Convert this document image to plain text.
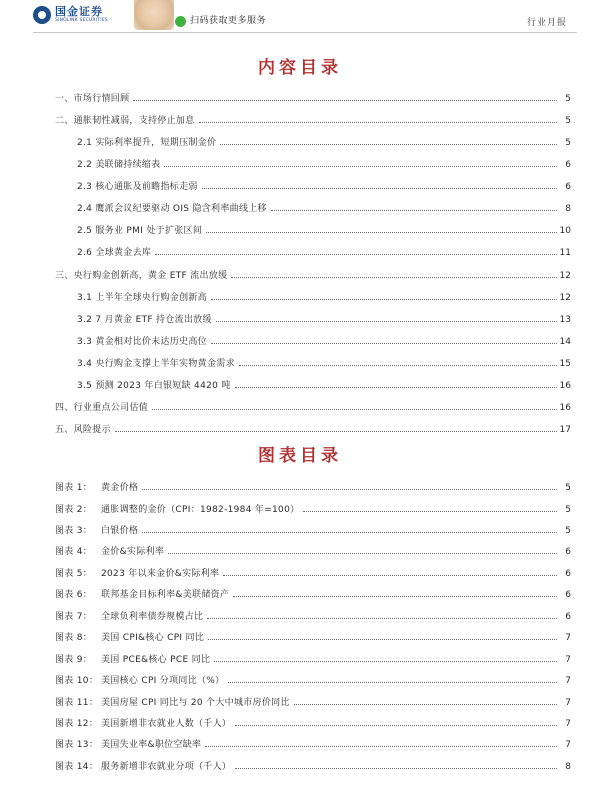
国金证券
SINOLINK SECURITIES	扫码获取更多服务	行业月报
内容目录
一、市场行情回顾	5
二、通胀韧性减弱，支持停止加息	5
2.1 实际利率提升，短期压制金价	5
2.2 美联储持续缩表	6
2.3 核心通胀及前瞻指标走弱	6
2.4 鹰派会议纪要驱动 OIS 隐含利率曲线上移	8
2.5 服务业 PMI 处于扩张区间	10
2.6 全球黄金去库	11
三、央行购金创新高，黄金 ETF 流出放缓	12
3.1 上半年全球央行购金创新高	12
3.2 7 月黄金 ETF 持仓流出放缓	13
3.3 黄金相对比价未达历史高位	14
3.4 央行购金支撑上半年实物黄金需求	15
3.5 预测 2023 年白银短缺 4420 吨	16
四、行业重点公司估值	16
五、风险提示	17
图表目录
图表 1： 黄金价格	5
图表 2： 通胀调整的金价（CPI：1982-1984 年=100）	5
图表 3： 白银价格	5
图表 4： 金价&实际利率	6
图表 5： 2023 年以来金价&实际利率	6
图表 6： 联邦基金目标利率&美联储资产	6
图表 7： 全球负利率债券规模占比	6
图表 8： 美国 CPI&核心 CPI 同比	7
图表 9： 美国 PCE&核心 PCE 同比	7
图表 10： 美国核心 CPI 分项同比（%）	7
图表 11： 美国房屋 CPI 同比与 20 个大中城市房价同比	7
图表 12： 美国新增非农就业人数（千人）	7
图表 13： 美国失业率&职位空缺率	7
图表 14： 服务新增非农就业分项（千人）	8
